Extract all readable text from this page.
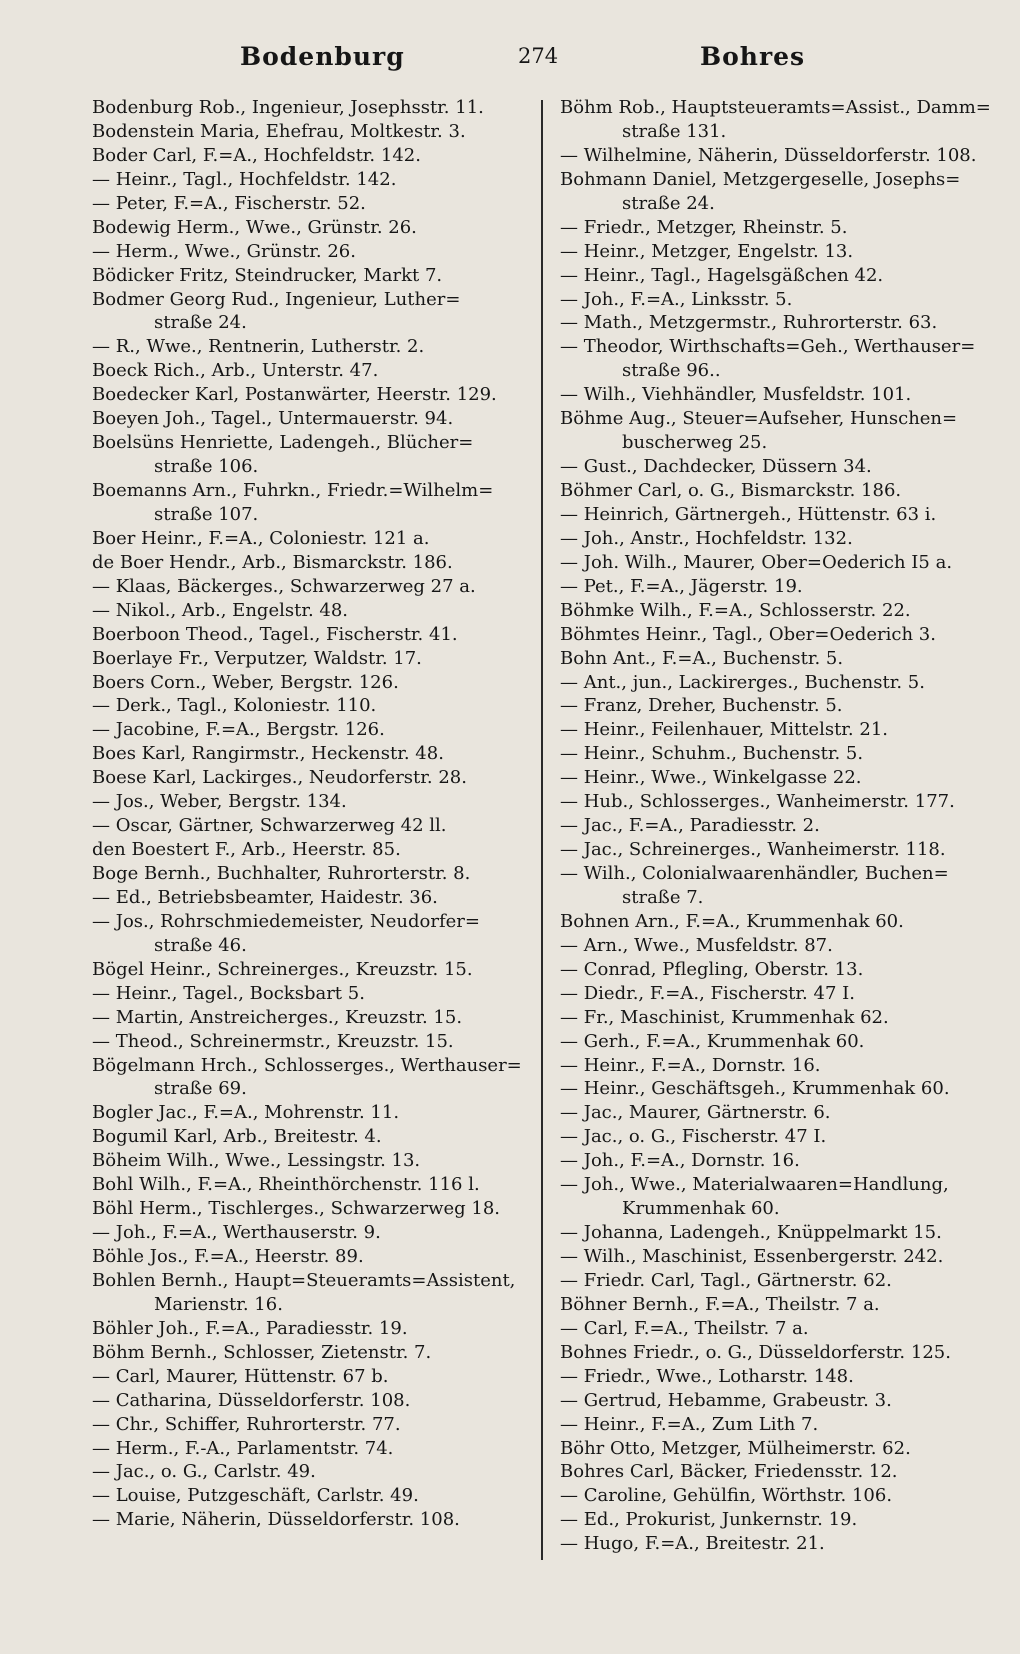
Bodenburg	274	Bohres
Bodenburg Rob., Ingenieur, Josephsstr. 11.
Bodenstein Maria, Ehefrau, Moltkestr. 3.
Boder Carl, F.=A., Hochfeldstr. 142.
— Heinr., Tagl., Hochfeldstr. 142.
— Peter, F.=A., Fischerstr. 52.
Bodewig Herm., Wwe., Grünstr. 26.
— Herm., Wwe., Grünstr. 26.
Bödicker Fritz, Steindrucker, Markt 7.
Bodmer Georg Rud., Ingenieur, Luther=
straße 24.
— R., Wwe., Rentnerin, Lutherstr. 2.
Boeck Rich., Arb., Unterstr. 47.
Boedecker Karl, Postanwärter, Heerstr. 129.
Boeyen Joh., Tagel., Untermauerstr. 94.
Boelsüns Henriette, Ladengeh., Blücher=
straße 106.
Boemanns Arn., Fuhrkn., Friedr.=Wilhelm=
straße 107.
Boer Heinr., F.=A., Coloniestr. 121 a.
de Boer Hendr., Arb., Bismarckstr. 186.
— Klaas, Bäckerges., Schwarzerweg 27 a.
— Nikol., Arb., Engelstr. 48.
Boerboon Theod., Tagel., Fischerstr. 41.
Boerlaye Fr., Verputzer, Waldstr. 17.
Boers Corn., Weber, Bergstr. 126.
— Derk., Tagl., Koloniestr. 110.
— Jacobine, F.=A., Bergstr. 126.
Boes Karl, Rangirmstr., Heckenstr. 48.
Boese Karl, Lackirges., Neudorferstr. 28.
— Jos., Weber, Bergstr. 134.
— Oscar, Gärtner, Schwarzerweg 42 ll.
den Boestert F., Arb., Heerstr. 85.
Boge Bernh., Buchhalter, Ruhrorterstr. 8.
— Ed., Betriebsbeamter, Haidestr. 36.
— Jos., Rohrschmiedemeister, Neudorfer=
straße 46.
Bögel Heinr., Schreinerges., Kreuzstr. 15.
— Heinr., Tagel., Bocksbart 5.
— Martin, Anstreicherges., Kreuzstr. 15.
— Theod., Schreinermstr., Kreuzstr. 15.
Bögelmann Hrch., Schlosserges., Werthauser=
straße 69.
Bogler Jac., F.=A., Mohrenstr. 11.
Bogumil Karl, Arb., Breitestr. 4.
Böheim Wilh., Wwe., Lessingstr. 13.
Bohl Wilh., F.=A., Rheinthörchenstr. 116 l.
Böhl Herm., Tischlerges., Schwarzerweg 18.
— Joh., F.=A., Werthauserstr. 9.
Böhle Jos., F.=A., Heerstr. 89.
Bohlen Bernh., Haupt=Steueramts=Assistent,
Marienstr. 16.
Böhler Joh., F.=A., Paradiesstr. 19.
Böhm Bernh., Schlosser, Zietenstr. 7.
— Carl, Maurer, Hüttenstr. 67 b.
— Catharina, Düsseldorferstr. 108.
— Chr., Schiffer, Ruhrorterstr. 77.
— Herm., F.-A., Parlamentstr. 74.
— Jac., o. G., Carlstr. 49.
— Louise, Putzgeschäft, Carlstr. 49.
— Marie, Näherin, Düsseldorferstr. 108.
Böhm Rob., Hauptsteueramts=Assist., Damm=
straße 131.
— Wilhelmine, Näherin, Düsseldorferstr. 108.
Bohmann Daniel, Metzgergeselle, Josephs=
straße 24.
— Friedr., Metzger, Rheinstr. 5.
— Heinr., Metzger, Engelstr. 13.
— Heinr., Tagl., Hagelsgäßchen 42.
— Joh., F.=A., Linksstr. 5.
— Math., Metzgermstr., Ruhrorterstr. 63.
— Theodor, Wirthschafts=Geh., Werthauser=
straße 96..
— Wilh., Viehhändler, Musfeldstr. 101.
Böhme Aug., Steuer=Aufseher, Hunschen=
buscherweg 25.
— Gust., Dachdecker, Düssern 34.
Böhmer Carl, o. G., Bismarckstr. 186.
— Heinrich, Gärtnergeh., Hüttenstr. 63 i.
— Joh., Anstr., Hochfeldstr. 132.
— Joh. Wilh., Maurer, Ober=Oederich I5 a.
— Pet., F.=A., Jägerstr. 19.
Böhmke Wilh., F.=A., Schlosserstr. 22.
Böhmtes Heinr., Tagl., Ober=Oederich 3.
Bohn Ant., F.=A., Buchenstr. 5.
— Ant., jun., Lackirerges., Buchenstr. 5.
— Franz, Dreher, Buchenstr. 5.
— Heinr., Feilenhauer, Mittelstr. 21.
— Heinr., Schuhm., Buchenstr. 5.
— Heinr., Wwe., Winkelgasse 22.
— Hub., Schlosserges., Wanheimerstr. 177.
— Jac., F.=A., Paradiesstr. 2.
— Jac., Schreinerges., Wanheimerstr. 118.
— Wilh., Colonialwaarenhändler, Buchen=
straße 7.
Bohnen Arn., F.=A., Krummenhak 60.
— Arn., Wwe., Musfeldstr. 87.
— Conrad, Pflegling, Oberstr. 13.
— Diedr., F.=A., Fischerstr. 47 I.
— Fr., Maschinist, Krummenhak 62.
— Gerh., F.=A., Krummenhak 60.
— Heinr., F.=A., Dornstr. 16.
— Heinr., Geschäftsgeh., Krummenhak 60.
— Jac., Maurer, Gärtnerstr. 6.
— Jac., o. G., Fischerstr. 47 I.
— Joh., F.=A., Dornstr. 16.
— Joh., Wwe., Materialwaaren=Handlung,
Krummenhak 60.
— Johanna, Ladengeh., Knüppelmarkt 15.
— Wilh., Maschinist, Essenbergerstr. 242.
— Friedr. Carl, Tagl., Gärtnerstr. 62.
Böhner Bernh., F.=A., Theilstr. 7 a.
— Carl, F.=A., Theilstr. 7 a.
Bohnes Friedr., o. G., Düsseldorferstr. 125.
— Friedr., Wwe., Lotharstr. 148.
— Gertrud, Hebamme, Grabeustr. 3.
— Heinr., F.=A., Zum Lith 7.
Böhr Otto, Metzger, Mülheimerstr. 62.
Bohres Carl, Bäcker, Friedensstr. 12.
— Caroline, Gehülfin, Wörthstr. 106.
— Ed., Prokurist, Junkernstr. 19.
— Hugo, F.=A., Breitestr. 21.
